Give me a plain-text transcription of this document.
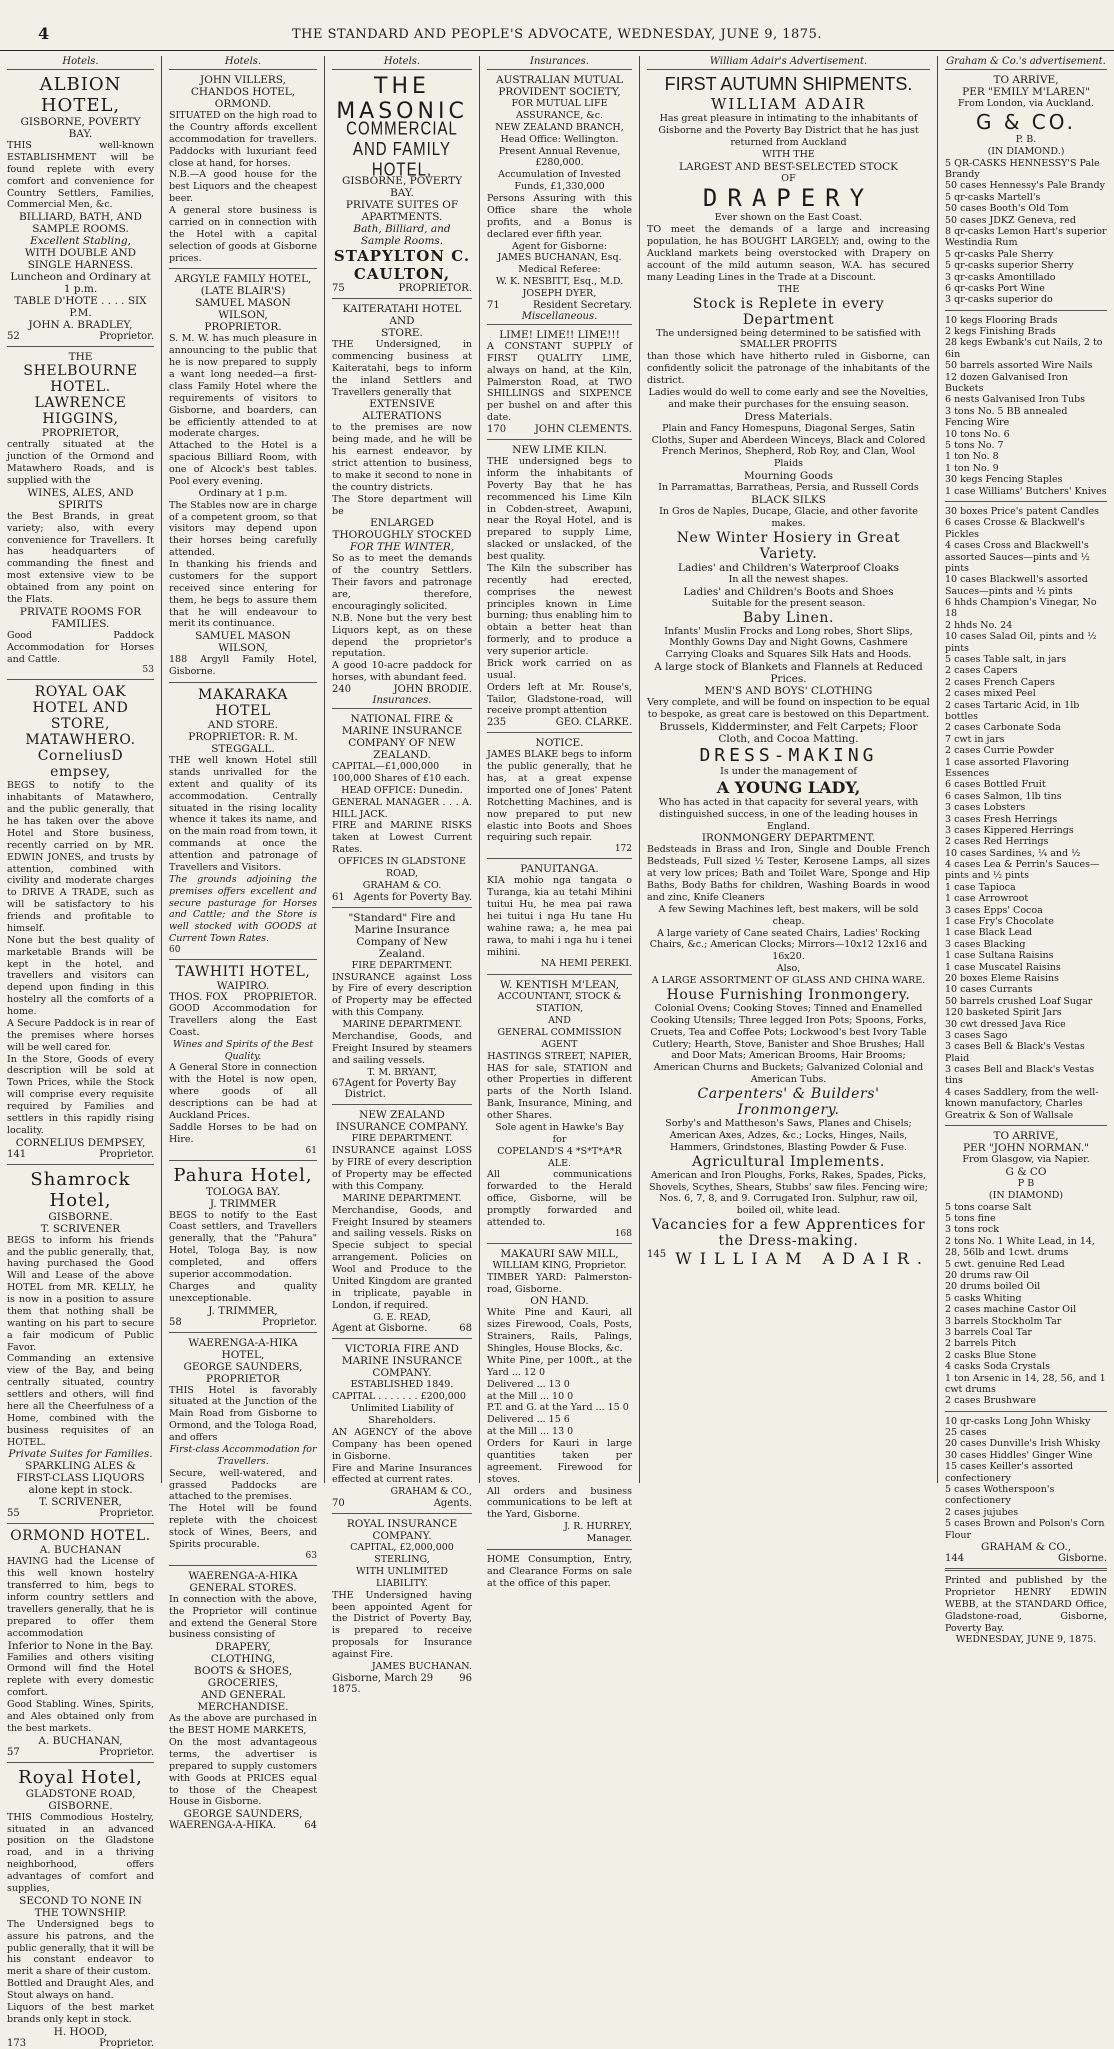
4	THE STANDARD AND PEOPLE'S ADVOCATE, WEDNESDAY, JUNE 9, 1875.
Hotels.
ALBION HOTEL,
GISBORNE, POVERTY BAY.
THIS well-known ESTABLISHMENT will be found replete with every comfort and convenience for Country Settlers, Families, Commercial Men, &c.
BILLIARD, BATH, AND SAMPLE ROOMS.
Excellent Stabling,
WITH DOUBLE AND SINGLE HARNESS.
Luncheon and Ordinary at 1 p.m.
TABLE D'HOTE . . . . SIX P.M.
JOHN A. BRADLEY,
52	Proprietor.
THE
SHELBOURNE HOTEL.
LAWRENCE HIGGINS,
PROPRIETOR,
centrally situated at the junction of the Ormond and Matawhero Roads, and is supplied with the
WINES, ALES, AND SPIRITS
the Best Brands, in great variety; also, with every convenience for Travellers. It has headquarters of commanding the finest and most extensive view to be obtained from any point on the Flats.
PRIVATE ROOMS FOR FAMILIES.
Good Paddock Accommodation for Horses and Cattle.
53
ROYAL OAK HOTEL AND STORE, MATAWHERO.
CorneliusD empsey,
BEGS to notify to the inhabitants of Matawhero, and the public generally, that he has taken over the above Hotel and Store business, recently carried on by MR. EDWIN JONES, and trusts by attention, combined with civility and moderate charges to DRIVE A TRADE, such as will be satisfactory to his friends and profitable to himself.
None but the best quality of marketable Brands will be kept in the hotel, and travellers and visitors can depend upon finding in this hostelry all the comforts of a home.
A Secure Paddock is in rear of the premises where horses will be well cared for.
In the Store, Goods of every description will be sold at Town Prices, while the Stock will comprise every requisite required by Families and settlers in this rapidly rising locality.
CORNELIUS DEMPSEY,
141	Proprietor.
Shamrock Hotel,
GISBORNE.
T. SCRIVENER
BEGS to inform his friends and the public generally, that, having purchased the Good Will and Lease of the above HOTEL from MR. KELLY, he is now in a position to assure them that nothing shall be wanting on his part to secure a fair modicum of Public Favor.
Commanding an extensive view of the Bay, and being centrally situated, country settlers and others, will find here all the Cheerfulness of a Home, combined with the business requisites of an HOTEL.
Private Suites for Families.
SPARKLING ALES & FIRST-CLASS LIQUORS alone kept in stock.
T. SCRIVENER,
55	Proprietor.
ORMOND HOTEL.
A. BUCHANAN
HAVING had the License of this well known hostelry transferred to him, begs to inform country settlers and travellers generally, that he is prepared to offer them accommodation
Inferior to None in the Bay.
Families and others visiting Ormond will find the Hotel replete with every domestic comfort.
Good Stabling. Wines, Spirits, and Ales obtained only from the best markets.
A. BUCHANAN,
57	Proprietor.
Royal Hotel,
GLADSTONE ROAD, GISBORNE.
THIS Commodious Hostelry, situated in an advanced position on the Gladstone road, and in a thriving neighborhood, offers advantages of comfort and supplies,
SECOND TO NONE IN THE TOWNSHIP.
The Undersigned begs to assure his patrons, and the public generally, that it will be his constant endeavor to merit a share of their custom.
Bottled and Draught Ales, and Stout always on hand.
Liquors of the best market brands only kept in stock.
H. HOOD,
173	Proprietor.
Hotels.
JOHN VILLERS,
CHANDOS HOTEL,
ORMOND.
SITUATED on the high road to the Country affords excellent accommodation for travellers. Paddocks with luxuriant feed close at hand, for horses.
N.B.—A good house for the best Liquors and the cheapest beer.
A general store business is carried on in connection with the Hotel with a capital selection of goods at Gisborne prices.
ARGYLE FAMILY HOTEL,
(LATE BLAIR'S)
SAMUEL MASON WILSON,
PROPRIETOR.
S. M. W. has much pleasure in announcing to the public that he is now prepared to supply a want long needed—a first-class Family Hotel where the requirements of visitors to Gisborne, and boarders, can be efficiently attended to at moderate charges.
Attached to the Hotel is a spacious Billiard Room, with one of Alcock's best tables. Pool every evening.
Ordinary at 1 p.m.
The Stables now are in charge of a competent groom, so that visitors may depend upon their horses being carefully attended.
In thanking his friends and customers for the support received since entering for them, he begs to assure them that he will endeavour to merit its continuance.
SAMUEL MASON WILSON,
188 Argyll Family Hotel, Gisborne.
MAKARAKA HOTEL
AND STORE.
PROPRIETOR: R. M. STEGGALL.
THE well known Hotel still stands unrivalled for the extent and quality of its accommodation. Centrally situated in the rising locality whence it takes its name, and on the main road from town, it commands at once the attention and patronage of Travellers and Visitors.
The grounds adjoining the premises offers excellent and secure pasturage for Horses and Cattle; and the Store is well stocked with GOODS at Current Town Rates.
60
TAWHITI HOTEL,
WAIPIRO.
THOS. FOX PROPRIETOR.
GOOD Accommodation for Travellers along the East Coast.
Wines and Spirits of the Best Quality.
A General Store in connection with the Hotel is now open, where goods of all descriptions can be had at Auckland Prices.
Saddle Horses to be had on Hire.
61
Pahura Hotel,
TOLOGA BAY.
J. TRIMMER
BEGS to notify to the East Coast settlers, and Travellers generally, that the "Pahura" Hotel, Tologa Bay, is now completed, and offers superior accommodation.
Charges and quality unexceptionable.
J. TRIMMER,
58	Proprietor.
WAERENGA-A-HIKA HOTEL,
GEORGE SAUNDERS, PROPRIETOR
THIS Hotel is favorably situated at the Junction of the Main Road from Gisborne to Ormond, and the Tologa Road, and offers
First-class Accommodation for Travellers.
Secure, well-watered, and grassed Paddocks are attached to the premises.
The Hotel will be found replete with the choicest stock of Wines, Beers, and Spirits procurable.
63
WAERENGA-A-HIKA GENERAL STORES.
In connection with the above, the Proprietor will continue and extend the General Store business consisting of
DRAPERY,
CLOTHING,
BOOTS & SHOES,
GROCERIES,
AND GENERAL MERCHANDISE.
As the above are purchased in the BEST HOME MARKETS,
On the most advantageous terms, the advertiser is prepared to supply customers with Goods at PRICES equal to those of the Cheapest House in Gisborne.
GEORGE SAUNDERS,
WAERENGA-A-HIKA.	64
Hotels.
THE MASONIC
COMMERCIAL AND FAMILY HOTEL,
GISBORNE, POVERTY BAY.
PRIVATE SUITES OF APARTMENTS.
Bath, Billiard, and Sample Rooms.
STAPYLTON C. CAULTON,
75	PROPRIETOR.
KAITERATAHI HOTEL
AND
STORE.
THE Undersigned, in commencing business at Kaiteratahi, begs to inform the inland Settlers and Travellers generally that
EXTENSIVE ALTERATIONS
to the premises are now being made, and he will be his earnest endeavor, by strict attention to business, to make it second to none in the country districts.
The Store department will be
ENLARGED
THOROUGHLY STOCKED
FOR THE WINTER,
So as to meet the demands of the country Settlers. Their favors and patronage are, therefore, encouragingly solicited.
N.B. None but the very best Liquors kept, as on these depend the proprietor's reputation.
A good 10-acre paddock for horses, with abundant feed.
240	JOHN BRODIE.
Insurances.
NATIONAL FIRE & MARINE INSURANCE COMPANY OF NEW ZEALAND.
CAPITAL—£1,000,000 in 100,000 Shares of £10 each.
HEAD OFFICE: Dunedin.
GENERAL MANAGER . . . A. HILL JACK.
FIRE and MARINE RISKS taken at Lowest Current Rates.
OFFICES IN GLADSTONE ROAD,
GRAHAM & CO.
61 Agents for Poverty Bay.
"Standard" Fire and Marine Insurance Company of New Zealand.
FIRE DEPARTMENT.
INSURANCE against Loss by Fire of every description of Property may be effected with this Company.
MARINE DEPARTMENT.
Merchandise, Goods, and Freight Insured by steamers and sailing vessels.
T. M. BRYANT,
67 Agent for Poverty Bay District.
NEW ZEALAND INSURANCE COMPANY.
FIRE DEPARTMENT.
INSURANCE against LOSS by FIRE of every description of Property may be effected with this Company.
MARINE DEPARTMENT.
Merchandise, Goods, and Freight Insured by steamers and sailing vessels. Risks on Specie subject to special arrangement. Policies on Wool and Produce to the United Kingdom are granted in triplicate, payable in London, if required.
G. E. READ,
Agent at Gisborne.	68
VICTORIA FIRE AND MARINE INSURANCE COMPANY.
ESTABLISHED 1849.
CAPITAL . . . . . . . £200,000
Unlimited Liability of Shareholders.
AN AGENCY of the above Company has been opened in Gisborne.
Fire and Marine Insurances effected at current rates.
GRAHAM & CO.,
70	Agents.
ROYAL INSURANCE COMPANY.
CAPITAL, £2,000,000 STERLING,
WITH UNLIMITED LIABILITY.
THE Undersigned having been appointed Agent for the District of Poverty Bay, is prepared to receive proposals for Insurance against Fire.
JAMES BUCHANAN.
Gisborne, March 29 1875.
96
Insurances.
AUSTRALIAN MUTUAL PROVIDENT SOCIETY,
FOR MUTUAL LIFE ASSURANCE, &c.
NEW ZEALAND BRANCH,
Head Office: Wellington.
Present Annual Revenue, £280,000.
Accumulation of Invested Funds, £1,330,000
Persons Assuring with this Office share the whole profits, and a Bonus is declared ever fifth year.
Agent for Gisborne:
JAMES BUCHANAN, Esq.
Medical Referee:
W. K. NESBITT, Esq., M.D.
JOSEPH DYER,
71	Resident Secretary.
Miscellaneous.
LIME! LIME!! LIME!!!
A CONSTANT SUPPLY of FIRST QUALITY LIME, always on hand, at the Kiln, Palmerston Road, at TWO SHILLINGS and SIXPENCE per bushel on and after this date.
170	JOHN CLEMENTS.
NEW LIME KILN.
THE undersigned begs to inform the inhabitants of Poverty Bay that he has recommenced his Lime Kiln in Cobden-street, Awapuni, near the Royal Hotel, and is prepared to supply Lime, slacked or unslacked, of the best quality.
The Kiln the subscriber has recently had erected, comprises the newest principles known in Lime burning; thus enabling him to obtain a better heat than formerly, and to produce a very superior article.
Brick work carried on as usual.
Orders left at Mr. Rouse's, Tailor, Gladstone-road, will receive prompt attention
235	GEO. CLARKE.
NOTICE.
JAMES BLAKE begs to inform the public generally, that he has, at a great expense imported one of Jones' Patent Rotchetting Machines, and is now prepared to put new elastic into Boots and Shoes requiring such repair.
172
PANUITANGA.
KIA mohio nga tangata o Turanga, kia au tetahi Mihini tuitui Hu, he mea pai rawa hei tuitui i nga Hu tane Hu wahine rawa; a, he mea pai rawa, to mahi i nga hu i tenei mihini.
NA HEMI PEREKI.
W. KENTISH M'LEAN,
ACCOUNTANT, STOCK & STATION,
AND
GENERAL COMMISSION AGENT
HASTINGS STREET, NAPIER,
HAS for sale, STATION and other Properties in different parts of the North Island. Bank, Insurance, Mining, and other Shares.
Sole agent in Hawke's Bay for
COPELAND'S 4 *S*T*A*R ALE.
All communications forwarded to the Herald office, Gisborne, will be promptly forwarded and attended to.
168
MAKAURI SAW MILL,
WILLIAM KING, Proprietor.
TIMBER YARD: Palmerston-road, Gisborne.
ON HAND.
White Pine and Kauri, all sizes Firewood, Coals, Posts, Strainers, Rails, Palings, Shingles, House Blocks, &c.
White Pine, per 100ft., at the Yard ... 12 0
Delivered ... 13 0
at the Mill ... 10 0
P.T. and G. at the Yard ... 15 0
Delivered ... 15 6
at the Mill ... 13 0
Orders for Kauri in large quantities taken per agreement. Firewood for stoves.
All orders and business communications to be left at the Yard, Gisborne.
J. R. HURREY,
Manager.
HOME Consumption, Entry, and Clearance Forms on sale at the office of this paper.
William Adair's Advertisement.
FIRST AUTUMN SHIPMENTS.
WILLIAM ADAIR
Has great pleasure in intimating to the inhabitants of Gisborne and the Poverty Bay District that he has just returned from Auckland
WITH THE
LARGEST AND BEST-SELECTED STOCK
OF
DRAPERY
Ever shown on the East Coast.
TO meet the demands of a large and increasing population, he has BOUGHT LARGELY; and, owing to the Auckland markets being overstocked with Drapery on account of the mild autumn season, W.A. has secured many Leading Lines in the Trade at a Discount.
THE
Stock is Replete in every Department
The undersigned being determined to be satisfied with
SMALLER PROFITS
than those which have hitherto ruled in Gisborne, can confidently solicit the patronage of the inhabitants of the district.
Ladies would do well to come early and see the Novelties, and make their purchases for the ensuing season.
Dress Materials.
Plain and Fancy Homespuns, Diagonal Serges, Satin Cloths, Super and Aberdeen Winceys, Black and Colored French Merinos, Shepherd, Rob Roy, and Clan, Wool Plaids
Mourning Goods
In Parramattas, Barratheas, Persia, and Russell Cords
BLACK SILKS
In Gros de Naples, Ducape, Glacie, and other favorite makes.
New Winter Hosiery in Great Variety.
Ladies' and Children's Waterproof Cloaks
In all the newest shapes.
Ladies' and Children's Boots and Shoes
Suitable for the present season.
Baby Linen.
Infants' Muslin Frocks and Long robes, Short Slips, Monthly Gowns Day and Night Gowns, Cashmere Carrying Cloaks and Squares Silk Hats and Hoods.
A large stock of Blankets and Flannels at Reduced Prices.
MEN'S AND BOYS' CLOTHING
Very complete, and will be found on inspection to be equal to bespoke, as great care is bestowed on this Department.
Brussels, Kidderminster, and Felt Carpets; Floor Cloth, and Cocoa Matting.
DRESS-MAKING
Is under the management of
A YOUNG LADY,
Who has acted in that capacity for several years, with distinguished success, in one of the leading houses in England.
IRONMONGERY DEPARTMENT.
Bedsteads in Brass and Iron, Single and Double French Bedsteads, Full sized ½ Tester, Kerosene Lamps, all sizes at very low prices; Bath and Toilet Ware, Sponge and Hip Baths, Body Baths for children, Washing Boards in wood and zinc, Knife Cleaners
A few Sewing Machines left, best makers, will be sold cheap.
A large variety of Cane seated Chairs, Ladies' Rocking Chairs, &c.; American Clocks; Mirrors—10x12 12x16 and 16x20.
Also,
A LARGE ASSORTMENT OF GLASS AND CHINA WARE.
House Furnishing Ironmongery.
Colonial Ovens; Cooking Stoves; Tinned and Enamelled Cooking Utensils; Three legged Iron Pots; Spoons, Forks, Cruets, Tea and Coffee Pots; Lockwood's best Ivory Table Cutlery; Hearth, Stove, Banister and Shoe Brushes; Hall and Door Mats; American Brooms, Hair Brooms; American Churns and Buckets; Galvanized Colonial and American Tubs.
Carpenters' & Builders' Ironmongery.
Sorby's and Mattheson's Saws, Planes and Chisels; American Axes, Adzes, &c.; Locks, Hinges, Nails, Hammers, Grindstones, Blasting Powder & Fuse.
Agricultural Implements.
American and Iron Ploughs, Forks, Rakes, Spades, Picks, Shovels, Scythes, Shears, Stubbs' saw files. Fencing wire; Nos. 6, 7, 8, and 9. Corrugated Iron. Sulphur, raw oil, boiled oil, white lead.
Vacancies for a few Apprentices for the Dress-making.
145 WILLIAM ADAIR.
Graham & Co.'s advertisement.
TO ARRIVE,
PER "EMILY M'LAREN"
From London, via Auckland.
G & CO.
P. B.
(IN DIAMOND.)
5 QR-CASKS HENNESSY'S Pale Brandy
50 cases Hennessy's Pale Brandy
5 qr-casks Martell's
50 cases Booth's Old Tom
50 cases JDKZ Geneva, red
8 qr-casks Lemon Hart's superior Westindia Rum
5 qr-casks Pale Sherry
5 qr-casks superior Sherry
3 qr-casks Amontillado
6 qr-casks Port Wine
3 qr-casks superior do
10 kegs Flooring Brads
2 kegs Finishing Brads
28 kegs Ewbank's cut Nails, 2 to 6in
50 barrels assorted Wire Nails
12 dozen Galvanised Iron Buckets
6 nests Galvanised Iron Tubs
3 tons No. 5 BB annealed Fencing Wire
10 tons No. 6
5 tons No. 7
1 ton No. 8
1 ton No. 9
30 kegs Fencing Staples
1 case Williams' Butchers' Knives
30 boxes Price's patent Candles
6 cases Crosse & Blackwell's Pickles
4 cases Cross and Blackwell's assorted Sauces—pints and ½ pints
10 cases Blackwell's assorted Sauces—pints and ½ pints
6 hhds Champion's Vinegar, No 18
2 hhds No. 24
10 cases Salad Oil, pints and ½ pints
5 cases Table salt, in jars
2 cases Capers
2 cases French Capers
2 cases mixed Peel
2 cases Tartaric Acid, in 1lb bottles
2 cases Carbonate Soda
7 cwt in jars
2 cases Currie Powder
1 case assorted Flavoring Essences
6 cases Bottled Fruit
6 cases Salmon, 1lb tins
3 cases Lobsters
3 cases Fresh Herrings
3 cases Kippered Herrings
2 cases Red Herrings
10 cases Sardines, ¼ and ½
4 cases Lea & Perrin's Sauces—pints and ½ pints
1 case Tapioca
1 case Arrowroot
3 cases Epps' Cocoa
1 case Fry's Chocolate
1 case Black Lead
3 cases Blacking
1 case Sultana Raisins
1 case Muscatel Raisins
20 boxes Eleme Raisins
10 cases Currants
50 barrels crushed Loaf Sugar
120 basketed Spirit Jars
30 cwt dressed Java Rice
3 cases Sago
3 cases Bell & Black's Vestas Plaid
3 cases Bell and Black's Vestas tins
4 cases Saddlery, from the well-known manufactory, Charles Greatrix & Son of Wallsale
TO ARRIVE,
PER "JOHN NORMAN."
From Glasgow, via Napier.
G & CO
P B
(IN DIAMOND)
5 tons coarse Salt
5 tons fine
3 tons rock
2 tons No. 1 White Lead, in 14, 28, 56lb and 1cwt. drums
5 cwt. genuine Red Lead
20 drums raw Oil
20 drums boiled Oil
5 casks Whiting
2 cases machine Castor Oil
3 barrels Stockholm Tar
3 barrels Coal Tar
2 barrels Pitch
2 casks Blue Stone
4 casks Soda Crystals
1 ton Arsenic in 14, 28, 56, and 1 cwt drums
2 cases Brushware
10 qr-casks Long John Whisky
25 cases
20 cases Dunville's Irish Whisky
30 cases Hiddles' Ginger Wine
15 cases Keiller's assorted confectionery
5 cases Wotherspoon's confectionery
2 cases jujubes
5 cases Brown and Polson's Corn Flour
GRAHAM & CO.,
144	Gisborne.
Printed and published by the Proprietor HENRY EDWIN WEBB, at the STANDARD Office, Gladstone-road, Gisborne, Poverty Bay.
WEDNESDAY, JUNE 9, 1875.
